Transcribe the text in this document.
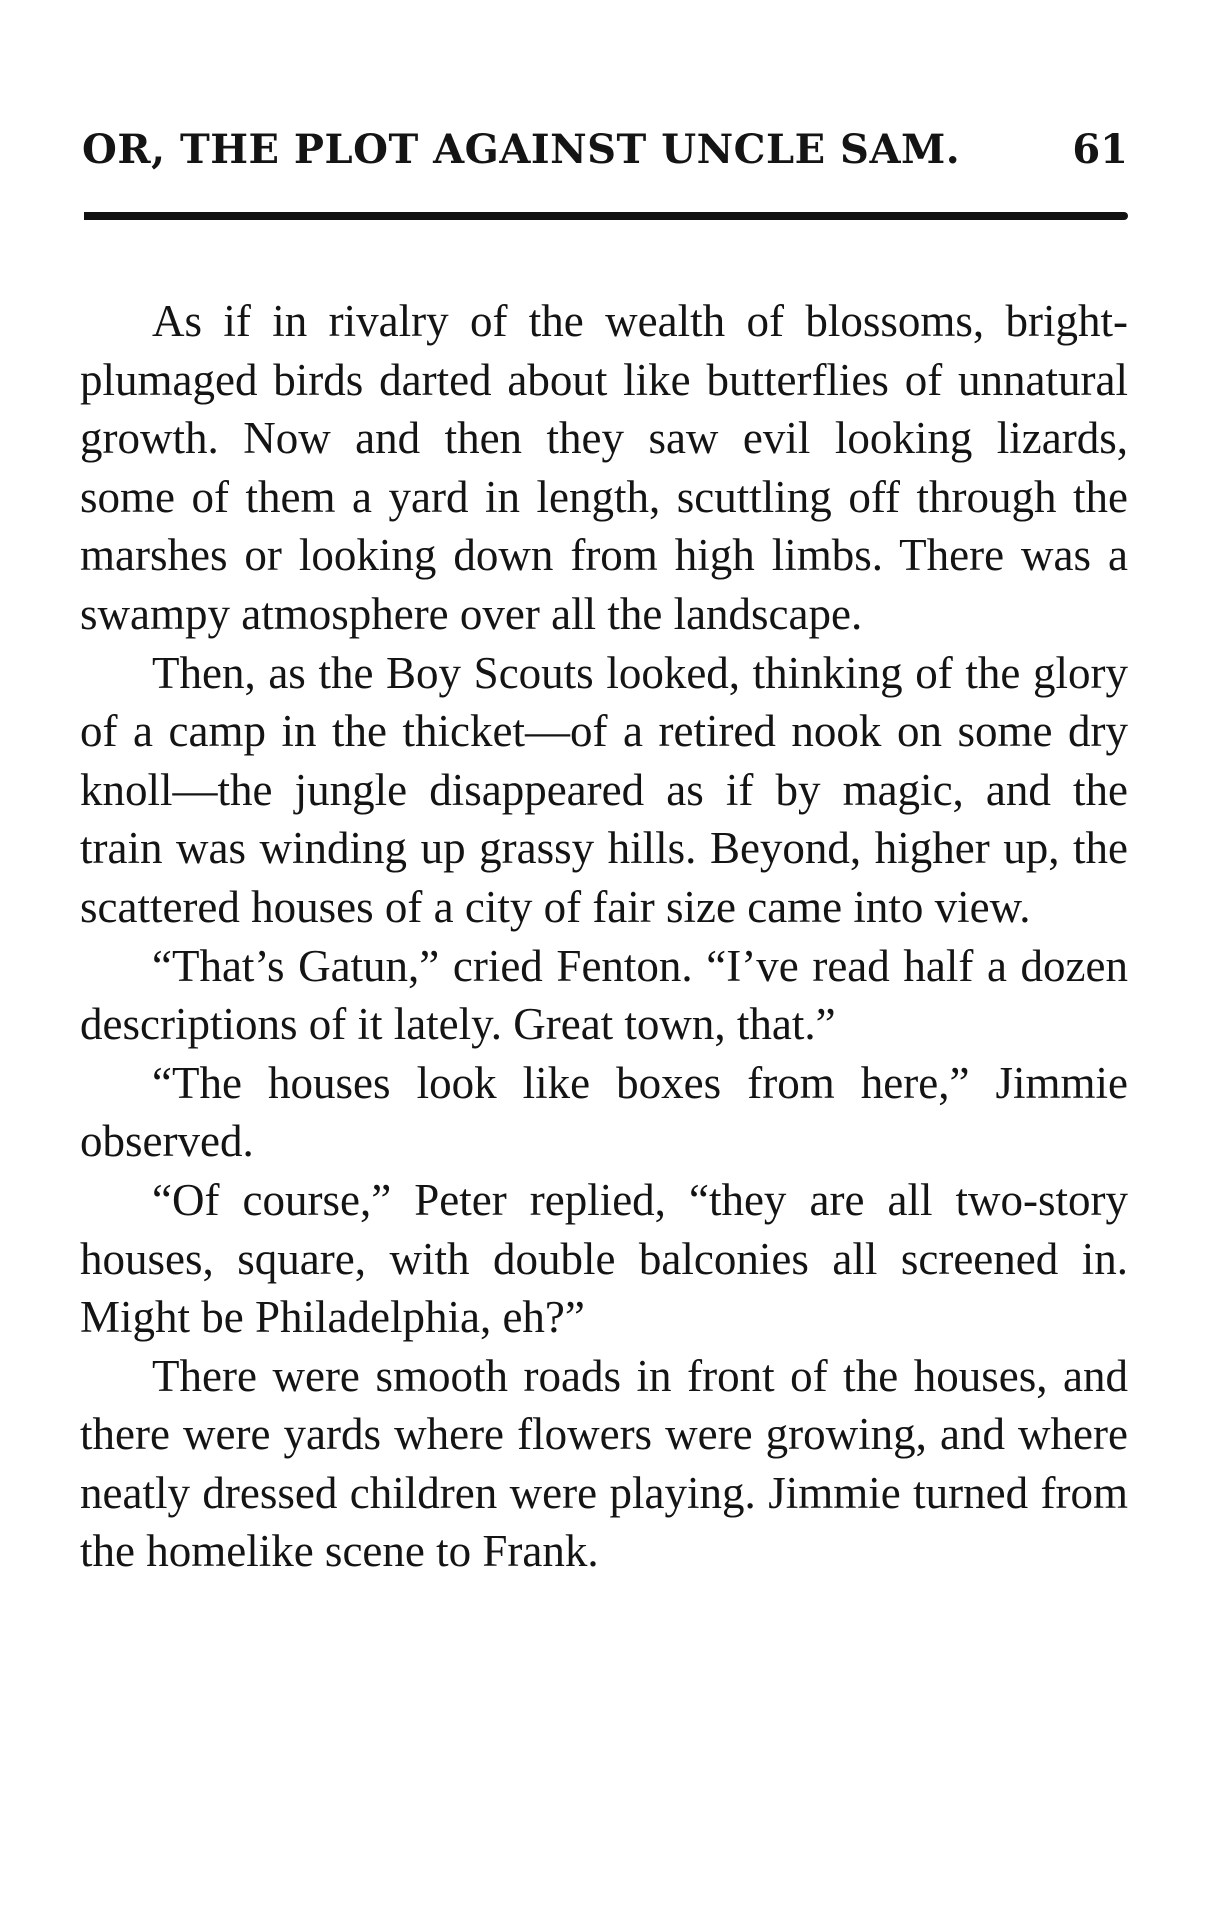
OR, THE PLOT AGAINST UNCLE SAM.	61

As if in rivalry of the wealth of blossoms, bright-plumaged birds darted about like butterflies of unnatural growth. Now and then they saw evil looking lizards, some of them a yard in length, scuttling off through the marshes or looking down from high limbs. There was a swampy atmosphere over all the landscape.

Then, as the Boy Scouts looked, thinking of the glory of a camp in the thicket—of a retired nook on some dry knoll—the jungle disappeared as if by magic, and the train was winding up grassy hills. Beyond, higher up, the scattered houses of a city of fair size came into view.

“That’s Gatun,” cried Fenton. “I’ve read half a dozen descriptions of it lately. Great town, that.”

“The houses look like boxes from here,” Jimmie observed.

“Of course,” Peter replied, “they are all two-story houses, square, with double balconies all screened in. Might be Philadelphia, eh?”

There were smooth roads in front of the houses, and there were yards where flowers were growing, and where neatly dressed children were playing. Jimmie turned from the homelike scene to Frank.
